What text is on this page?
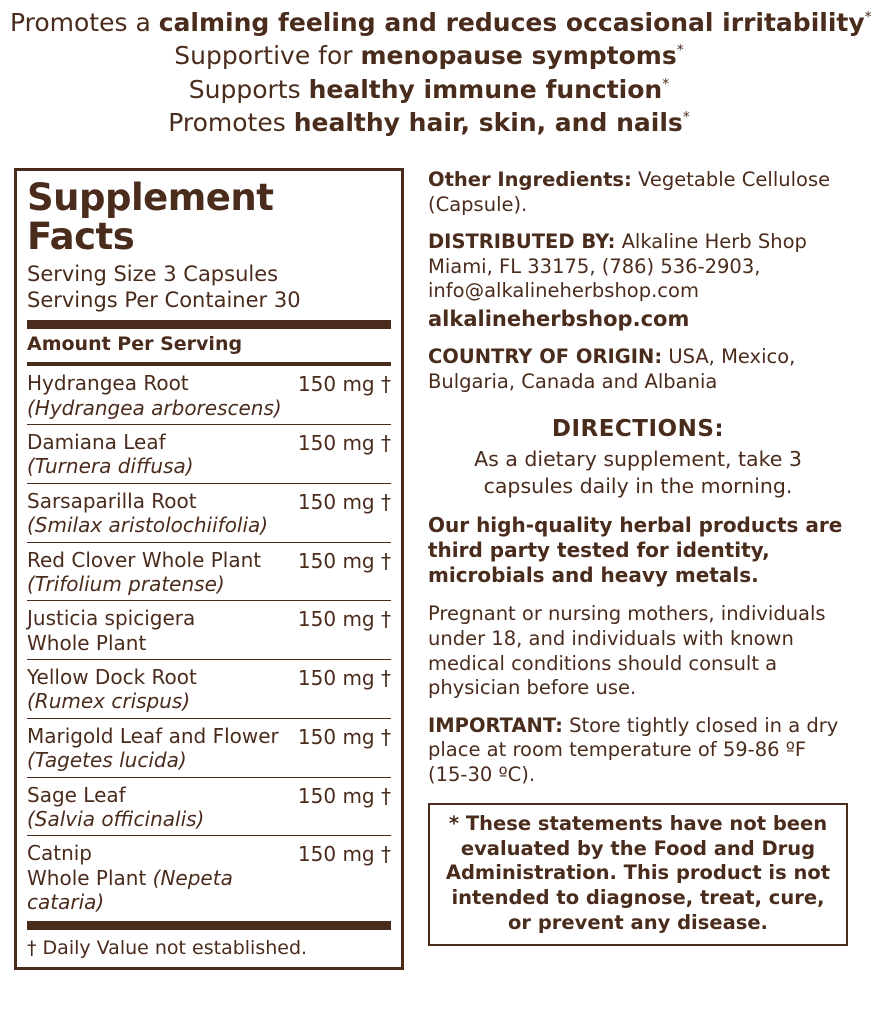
Promotes a calming feeling and reduces occasional irritability*
Supportive for menopause symptoms*
Supports healthy immune function*
Promotes healthy hair, skin, and nails*
Supplement Facts
Serving Size 3 Capsules
Servings Per Container 30
Amount Per Serving
Hydrangea Root
(Hydrangea arborescens)
150 mg †
Damiana Leaf
(Turnera diffusa)
150 mg †
Sarsaparilla Root
(Smilax aristolochiifolia)
150 mg †
Red Clover Whole Plant
(Trifolium pratense)
150 mg †
Justicia spicigera Whole Plant
150 mg †
Yellow Dock Root
(Rumex crispus)
150 mg †
Marigold Leaf and Flower
(Tagetes lucida)
150 mg †
Sage Leaf
(Salvia officinalis)
150 mg †
Catnip
Whole Plant (Nepeta cataria)
150 mg †
† Daily Value not established.

Other Ingredients: Vegetable Cellulose (Capsule).

DISTRIBUTED BY: Alkaline Herb Shop
Miami, FL 33175, (786) 536-2903,
info@alkalineherbshop.com
alkalineherbshop.com

COUNTRY OF ORIGIN: USA, Mexico, Bulgaria, Canada and Albania

DIRECTIONS:
As a dietary supplement, take 3 capsules daily in the morning.
Our high-quality herbal products are third party tested for identity, microbials and heavy metals.

Pregnant or nursing mothers, individuals under 18, and individuals with known medical conditions should consult a physician before use.

IMPORTANT: Store tightly closed in a dry place at room temperature of 59-86 ºF (15-30 ºC).

* These statements have not been evaluated by the Food and Drug Administration. This product is not intended to diagnose, treat, cure, or prevent any disease.
